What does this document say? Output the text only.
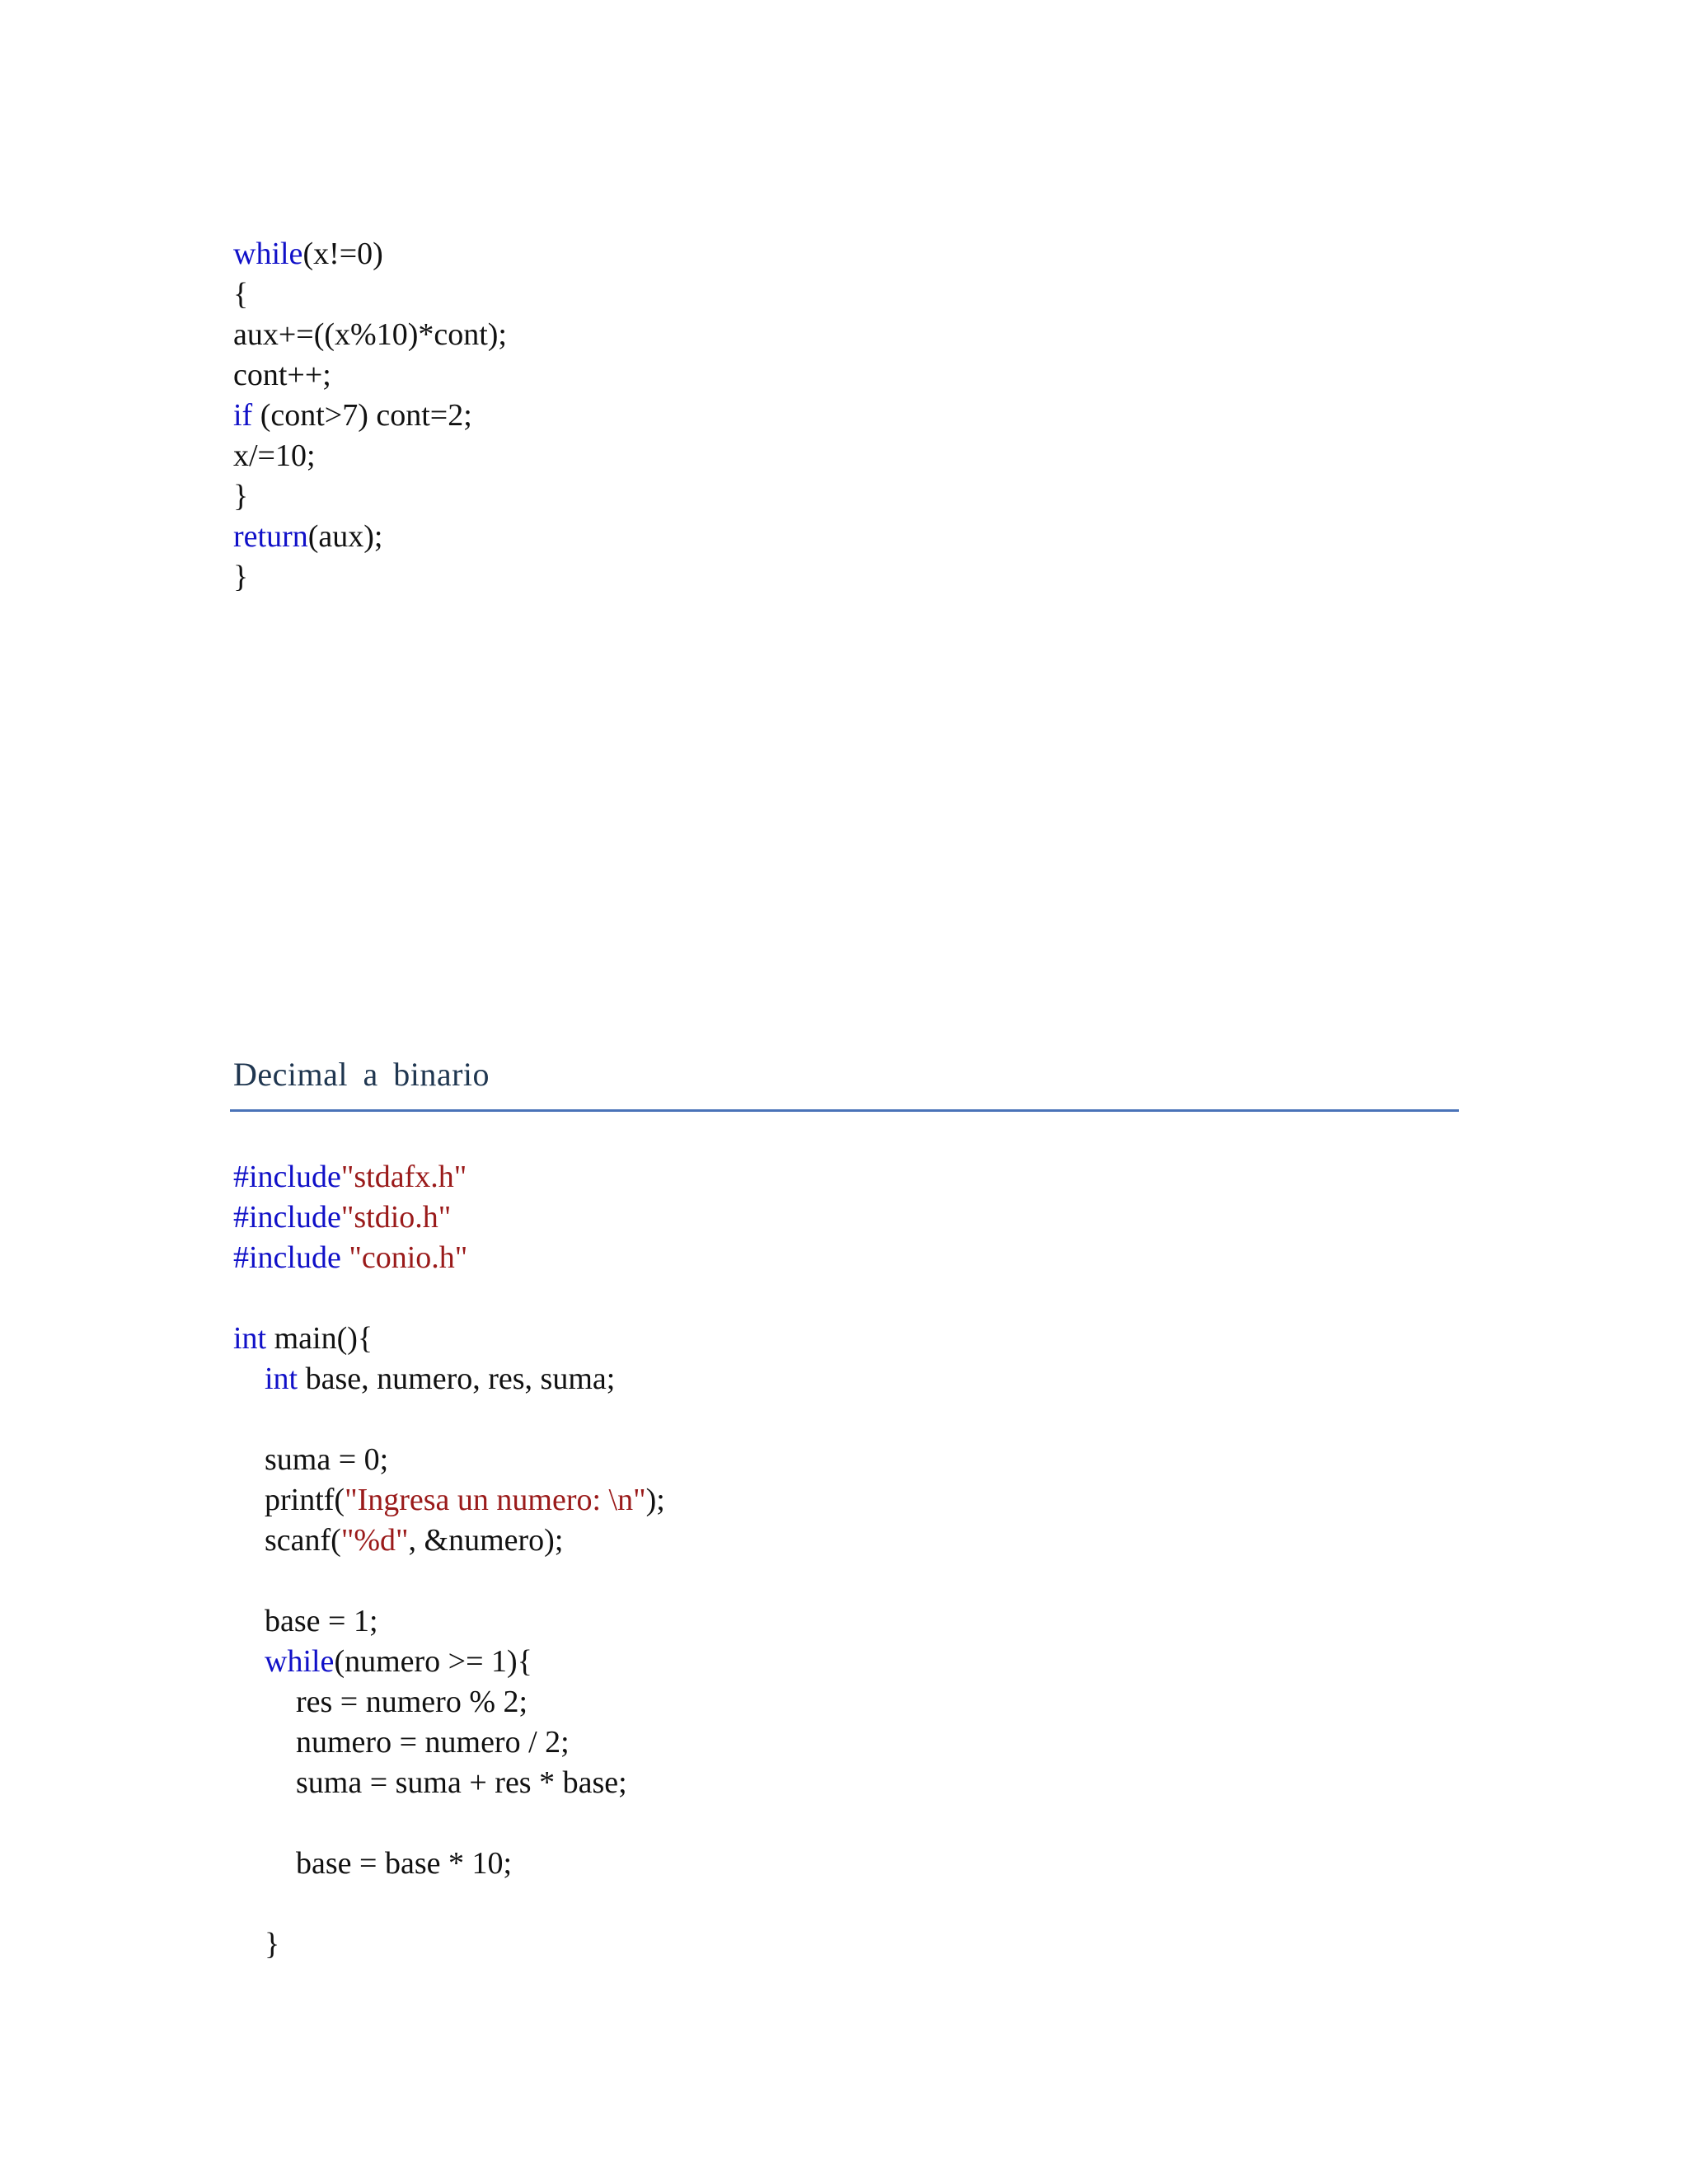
while(x!=0)
{
aux+=((x%10)*cont);
cont++;
if (cont>7) cont=2;
x/=10;
}
return(aux);
}
Decimal a binario
#include"stdafx.h"
#include"stdio.h"
#include "conio.h"
int main(){
int base, numero, res, suma;
suma = 0;
printf("Ingresa un numero: \n");
scanf("%d", &numero);
base = 1;
while(numero >= 1){
res = numero % 2;
numero = numero / 2;
suma = suma + res * base;
base = base * 10;
}
